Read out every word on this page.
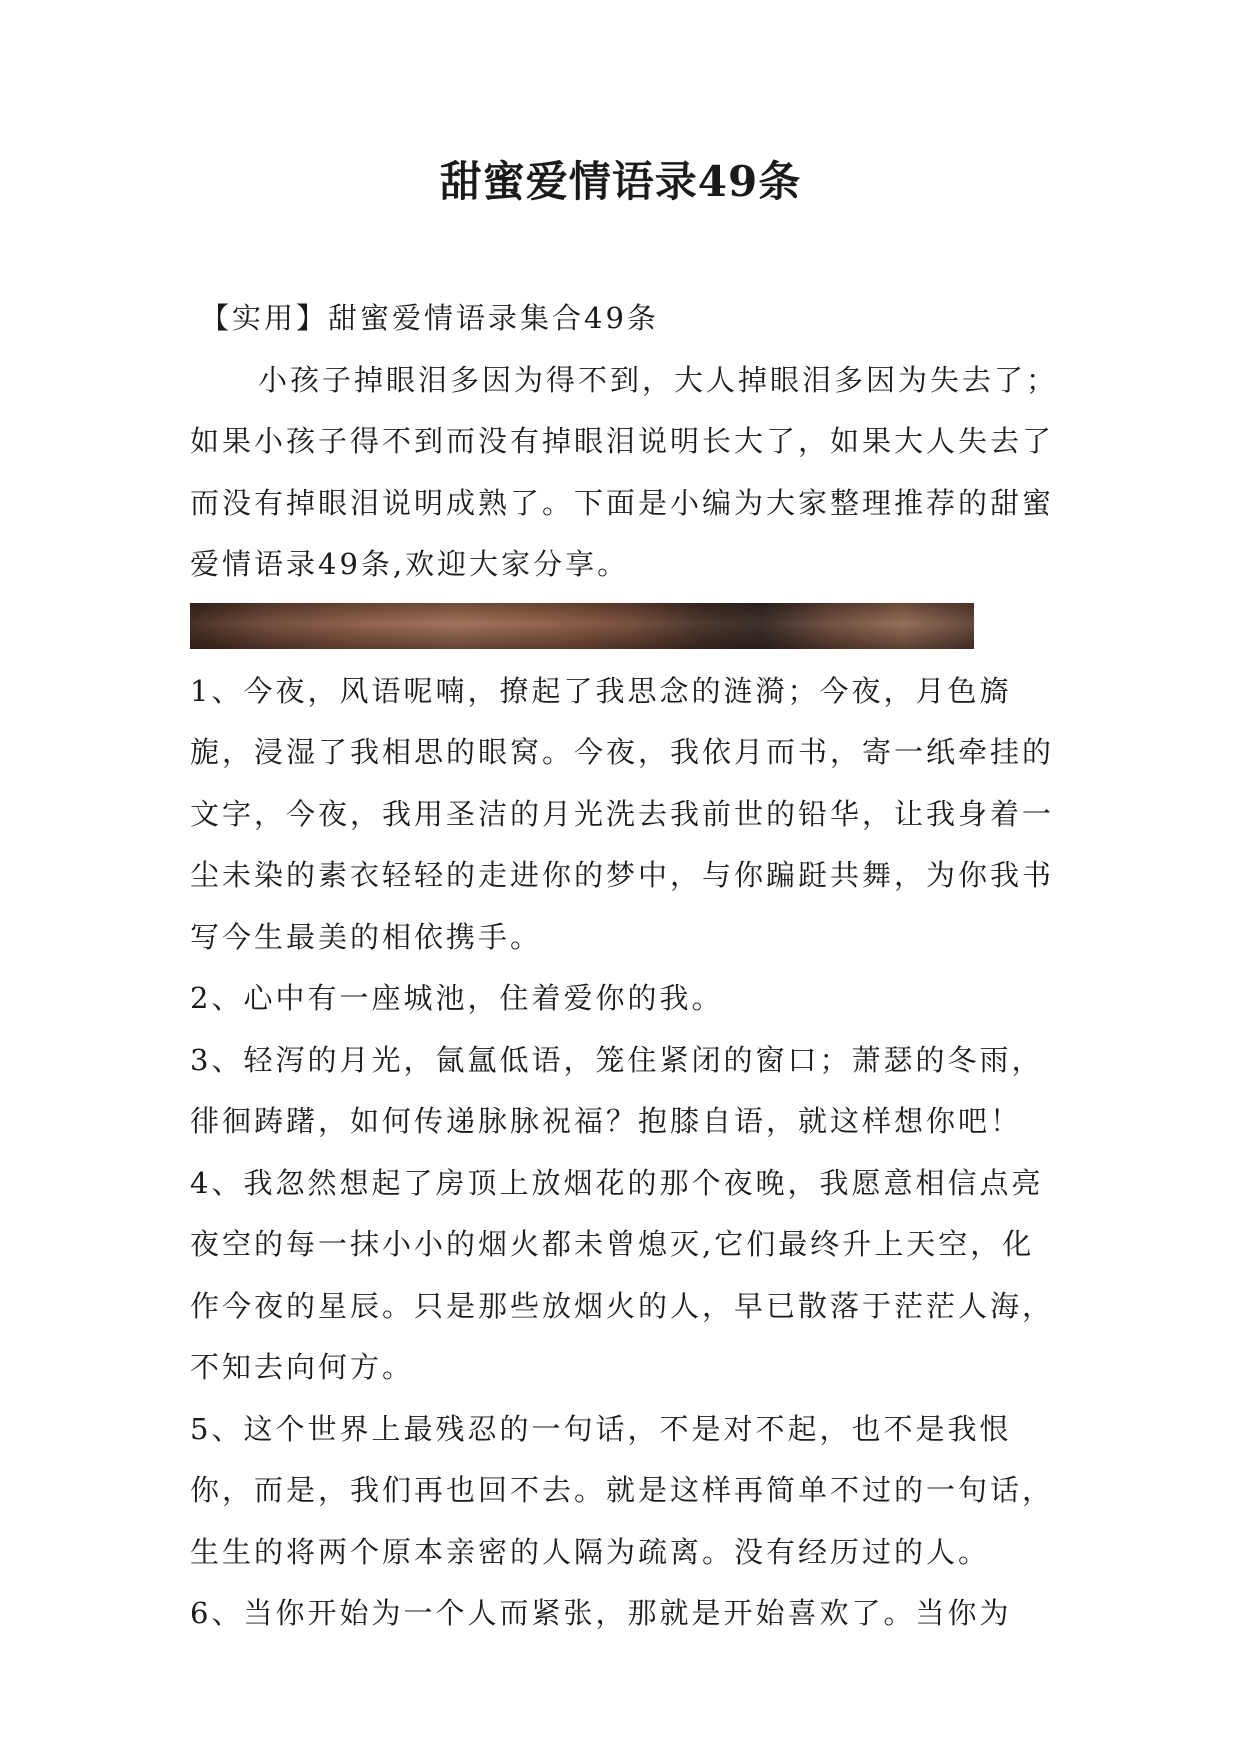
甜蜜爱情语录49条

【实用】甜蜜爱情语录集合49条

小孩子掉眼泪多因为得不到，大人掉眼泪多因为失去了；如果小孩子得不到而没有掉眼泪说明长大了，如果大人失去了而没有掉眼泪说明成熟了。下面是小编为大家整理推荐的甜蜜爱情语录49条,欢迎大家分享。

1、今夜，风语呢喃，撩起了我思念的涟漪；今夜，月色旖旎，浸湿了我相思的眼窝。今夜，我依月而书，寄一纸牵挂的文字，今夜，我用圣洁的月光洗去我前世的铅华，让我身着一尘未染的素衣轻轻的走进你的梦中，与你蹁跹共舞，为你我书写今生最美的相依携手。

2、心中有一座城池，住着爱你的我。

3、轻泻的月光，氤氲低语，笼住紧闭的窗口；萧瑟的冬雨，徘徊踌躇，如何传递脉脉祝福？抱膝自语，就这样想你吧！

4、我忽然想起了房顶上放烟花的那个夜晚，我愿意相信点亮夜空的每一抹小小的烟火都未曾熄灭,它们最终升上天空，化作今夜的星辰。只是那些放烟火的人，早已散落于茫茫人海，不知去向何方。

5、这个世界上最残忍的一句话，不是对不起，也不是我恨你，而是，我们再也回不去。就是这样再简单不过的一句话，生生的将两个原本亲密的人隔为疏离。没有经历过的人。

6、当你开始为一个人而紧张，那就是开始喜欢了。当你为
